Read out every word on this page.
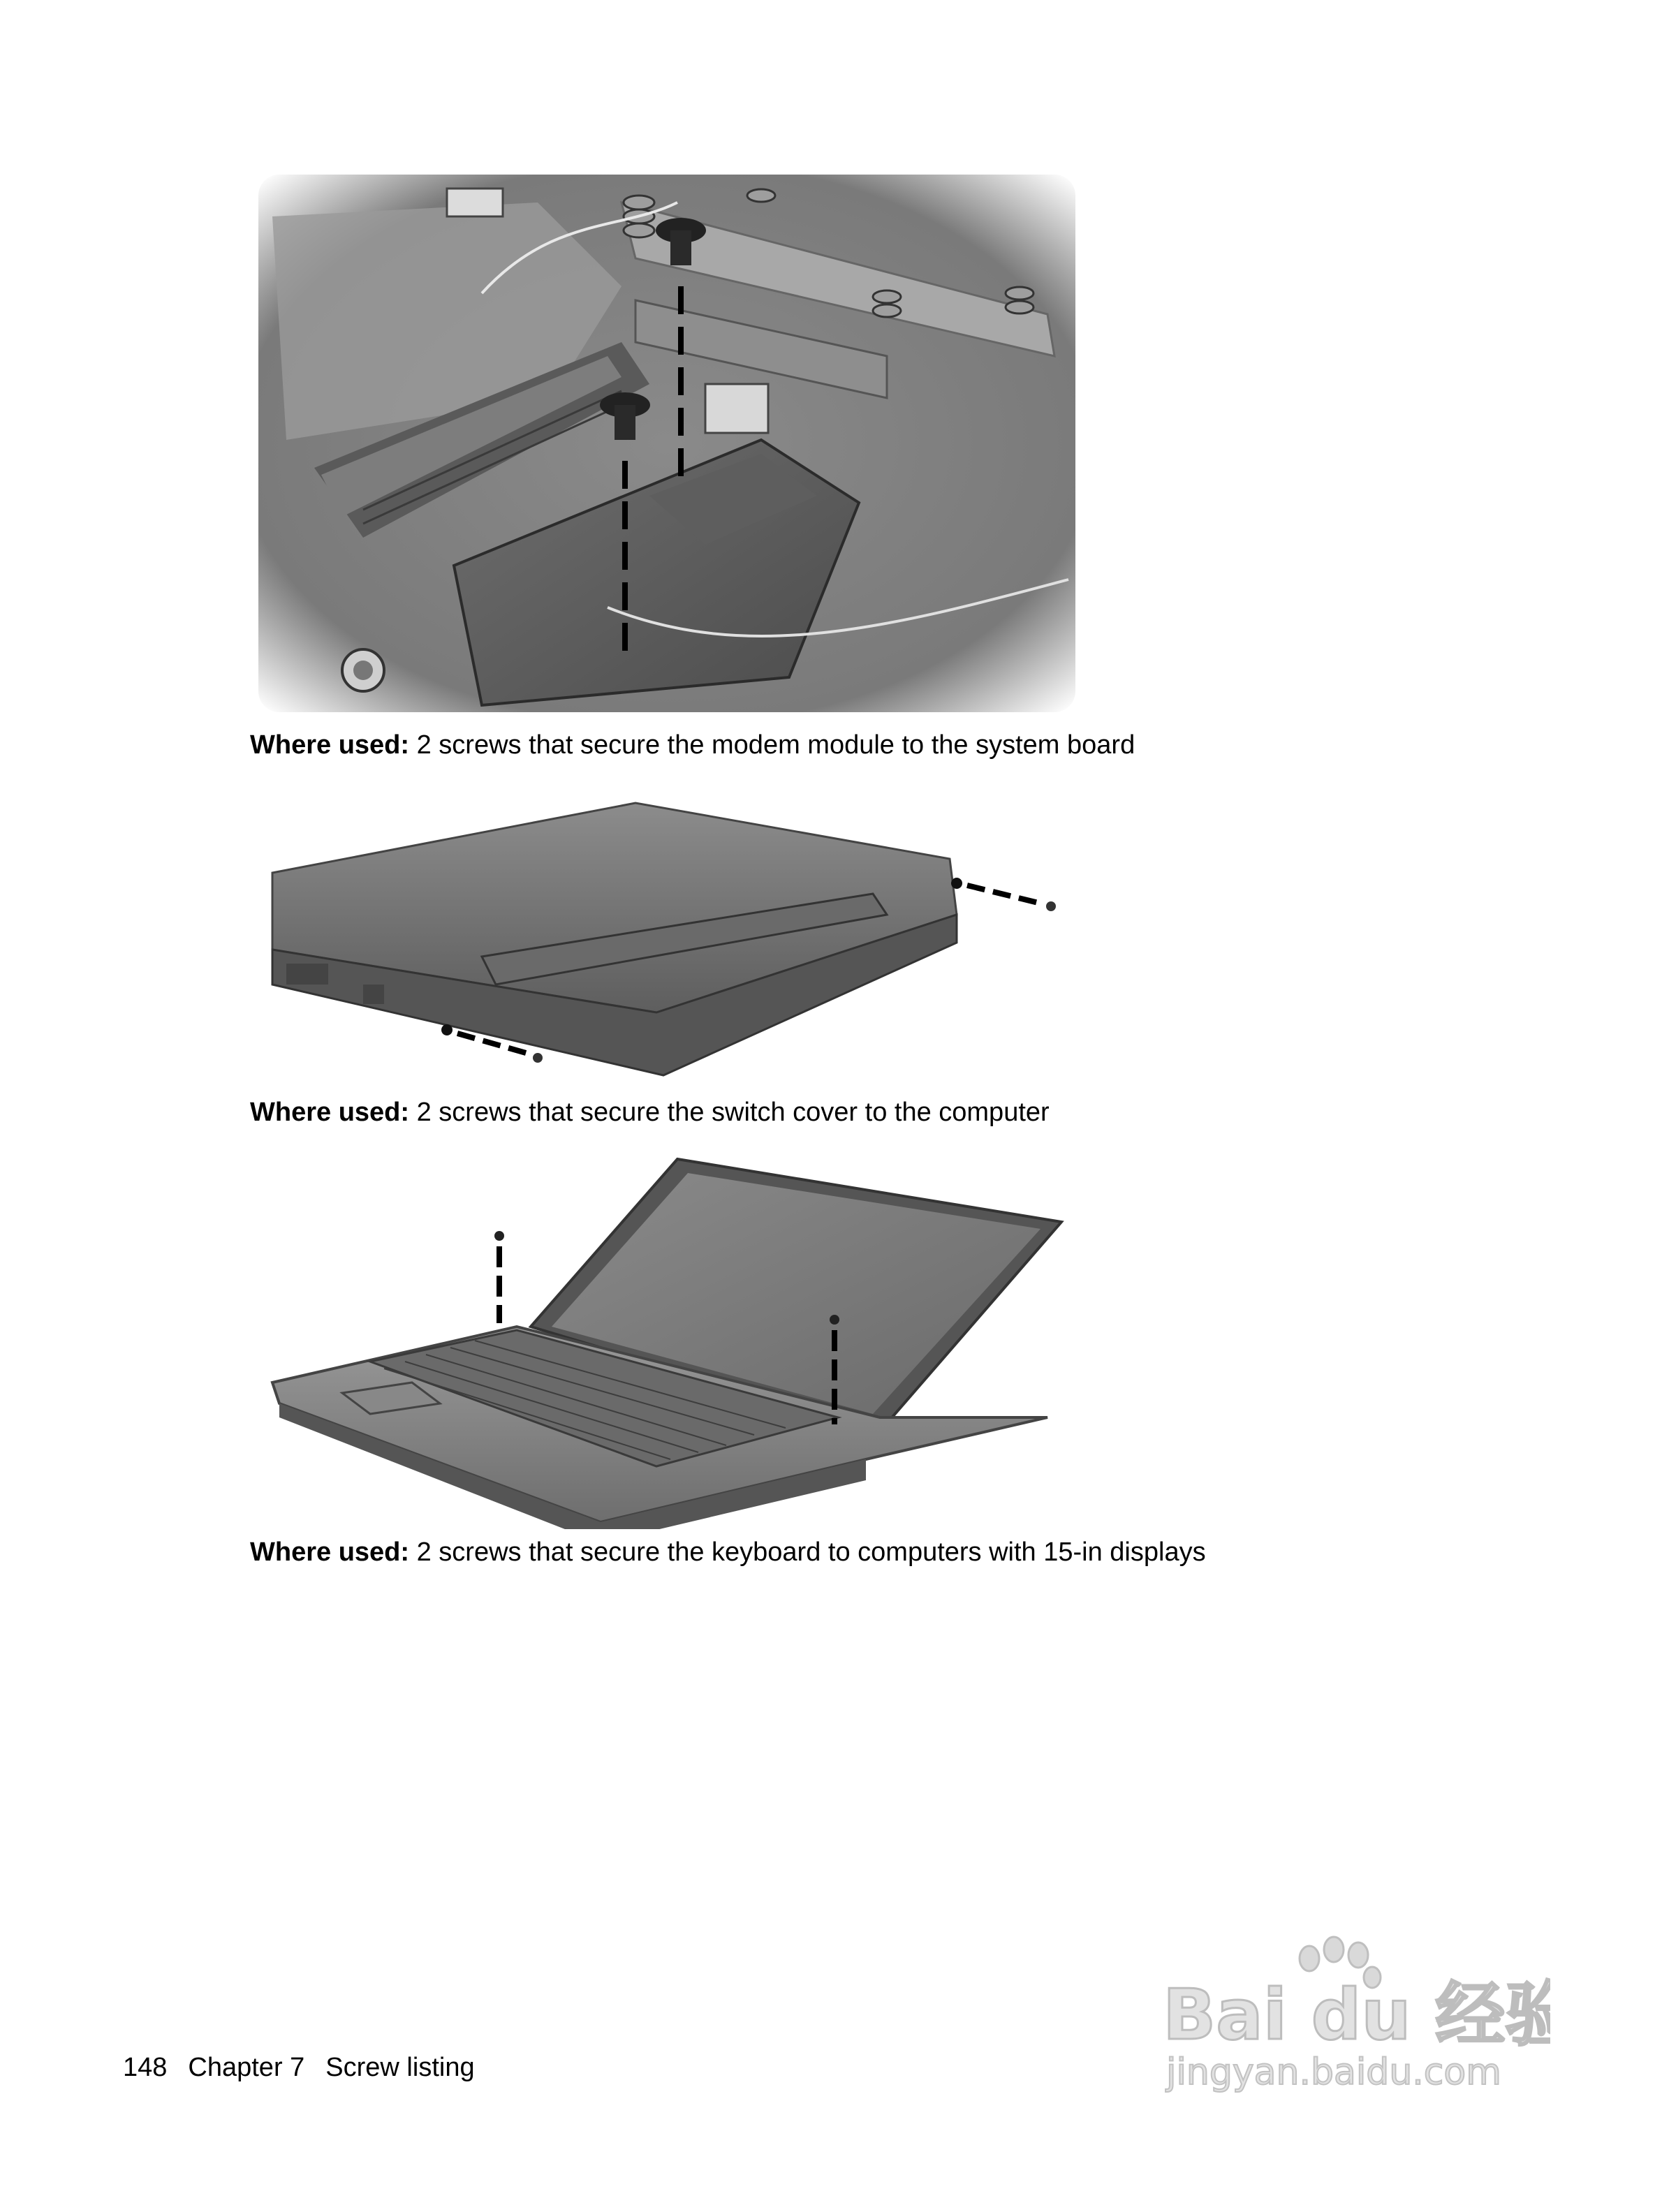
Where used: 2 screws that secure the modem module to the system board
Where used: 2 screws that secure the switch cover to the computer
Where used: 2 screws that secure the keyboard to computers with 15-in displays
Bai du 经验
jingyan.baidu.com
148 Chapter 7 Screw listing
